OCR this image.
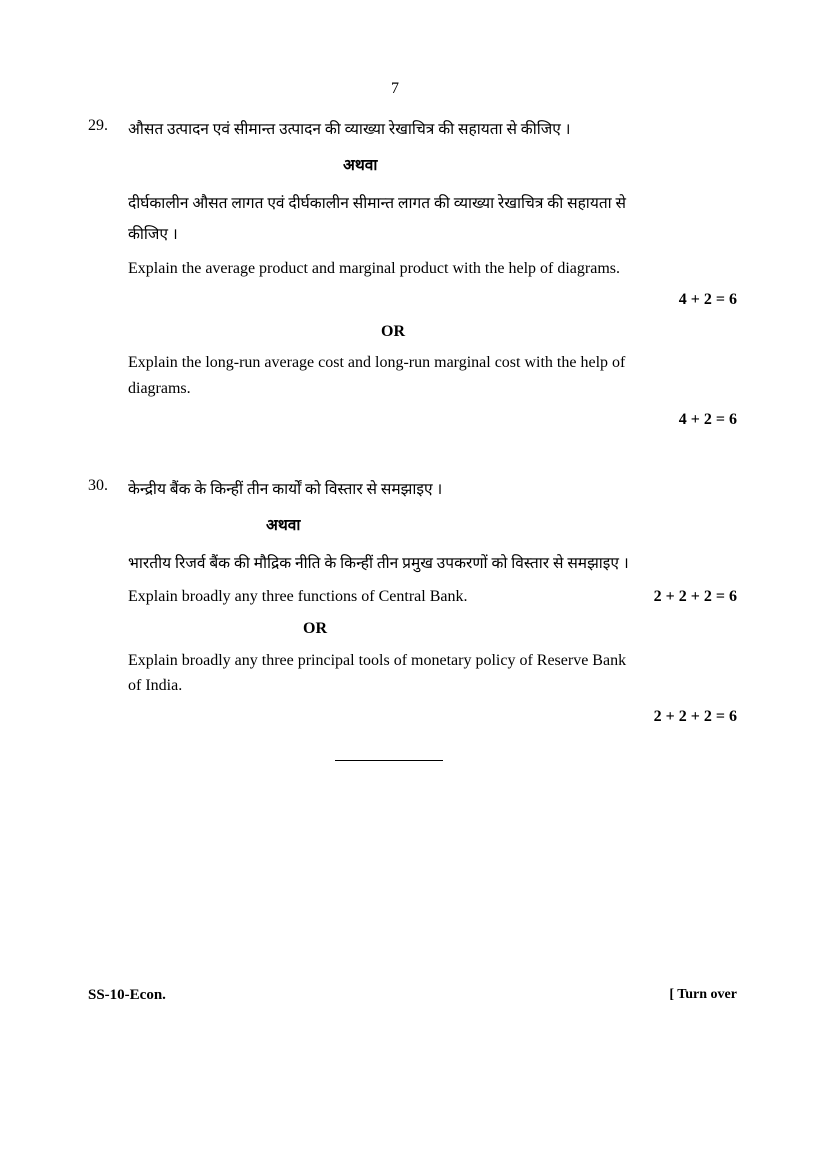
7
29. औसत उत्पादन एवं सीमान्त उत्पादन की व्याख्या रेखाचित्र की सहायता से कीजिए ।
अथवा
दीर्घकालीन औसत लागत एवं दीर्घकालीन सीमान्त लागत की व्याख्या रेखाचित्र की सहायता से
कीजिए ।
Explain the average product and marginal product with the help of diagrams.
4 + 2 = 6
OR
Explain the long-run average cost and long-run marginal cost with the help of
diagrams.
4 + 2 = 6
30. केन्द्रीय बैंक के किन्हीं तीन कार्यों को विस्तार से समझाइए ।
अथवा
भारतीय रिजर्व बैंक की मौद्रिक नीति के किन्हीं तीन प्रमुख उपकरणों को विस्तार से समझाइए ।
Explain broadly any three functions of Central Bank.	2 + 2 + 2 = 6
OR
Explain broadly any three principal tools of monetary policy of Reserve Bank
of India.
2 + 2 + 2 = 6
SS-10-Econ.	[ Turn over
